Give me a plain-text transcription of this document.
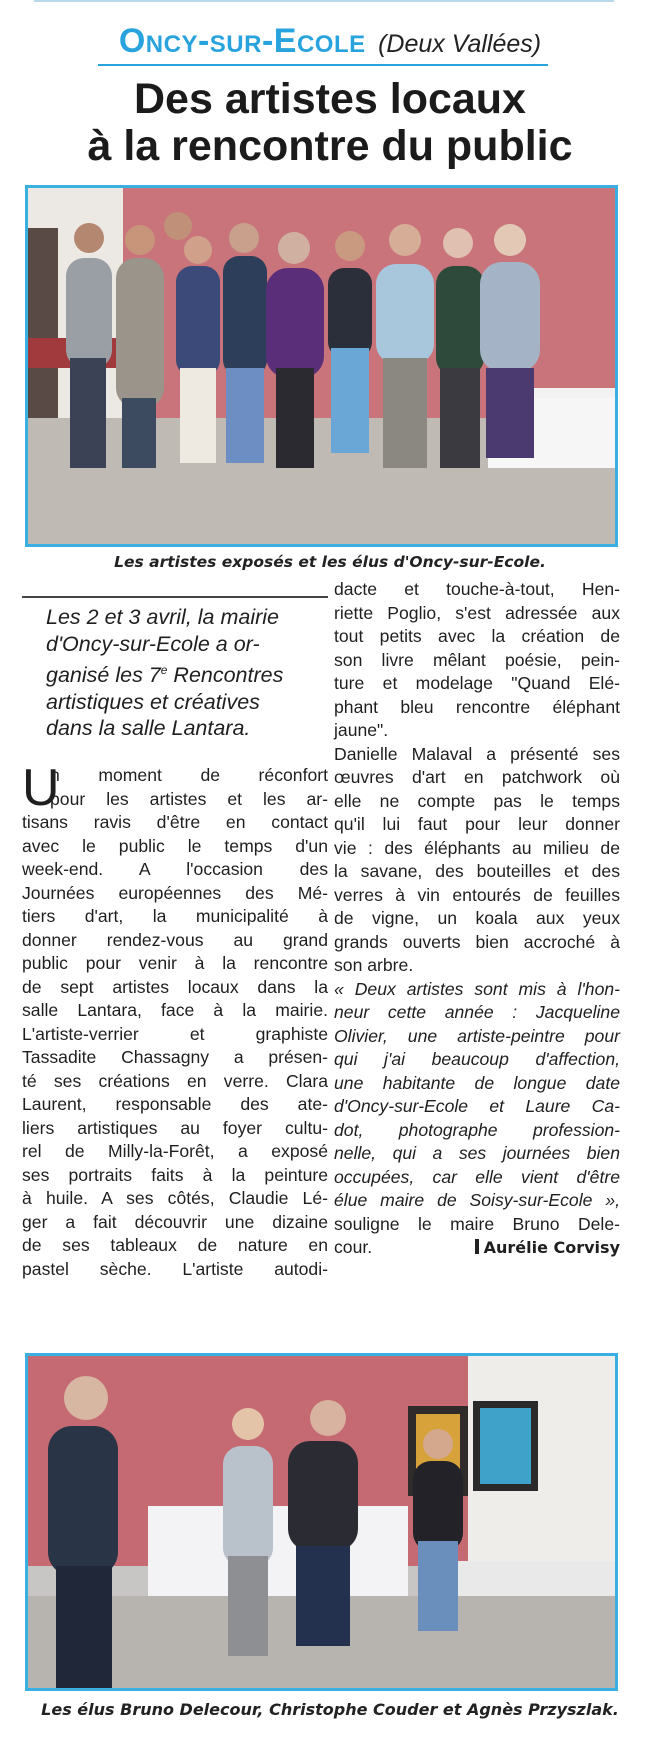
Oncy-sur-Ecole (Deux Vallées)
Des artistes locaux
à la rencontre du public

Les artistes exposés et les élus d'Oncy-sur-Ecole.

Les 2 et 3 avril, la mairie
d'Oncy-sur-Ecole a or-
ganisé les 7e Rencontres
artistiques et créatives
dans la salle Lantara.
U
n moment de réconfort
pour les artistes et les ar-
tisans ravis d'être en contact
avec le public le temps d'un
week-end. A l'occasion des
Journées européennes des Mé-
tiers d'art, la municipalité à
donner rendez-vous au grand
public pour venir à la rencontre
de sept artistes locaux dans la
salle Lantara, face à la mairie.
L'artiste-verrier et graphiste
Tassadite Chassagny a présen-
té ses créations en verre. Clara
Laurent, responsable des ate-
liers artistiques au foyer cultu-
rel de Milly-la-Forêt, a exposé
ses portraits faits à la peinture
à huile. A ses côtés, Claudie Lé-
ger a fait découvrir une dizaine
de ses tableaux de nature en
pastel sèche. L'artiste autodi-
dacte et touche-à-tout, Hen-
riette Poglio, s'est adressée aux
tout petits avec la création de
son livre mêlant poésie, pein-
ture et modelage "Quand Elé-
phant bleu rencontre éléphant
jaune".
Danielle Malaval a présenté ses
œuvres d'art en patchwork où
elle ne compte pas le temps
qu'il lui faut pour leur donner
vie : des éléphants au milieu de
la savane, des bouteilles et des
verres à vin entourés de feuilles
de vigne, un koala aux yeux
grands ouverts bien accroché à
son arbre.
« Deux artistes sont mis à l'hon-
neur cette année : Jacqueline
Olivier, une artiste-peintre pour
qui j'ai beaucoup d'affection,
une habitante de longue date
d'Oncy-sur-Ecole et Laure Ca-
dot, photographe profession-
nelle, qui a ses journées bien
occupées, car elle vient d'être
élue maire de Soisy-sur-Ecole »,
souligne le maire Bruno Dele-
cour.	Aurélie Corvisy

Les élus Bruno Delecour, Christophe Couder et Agnès Przyszlak.
